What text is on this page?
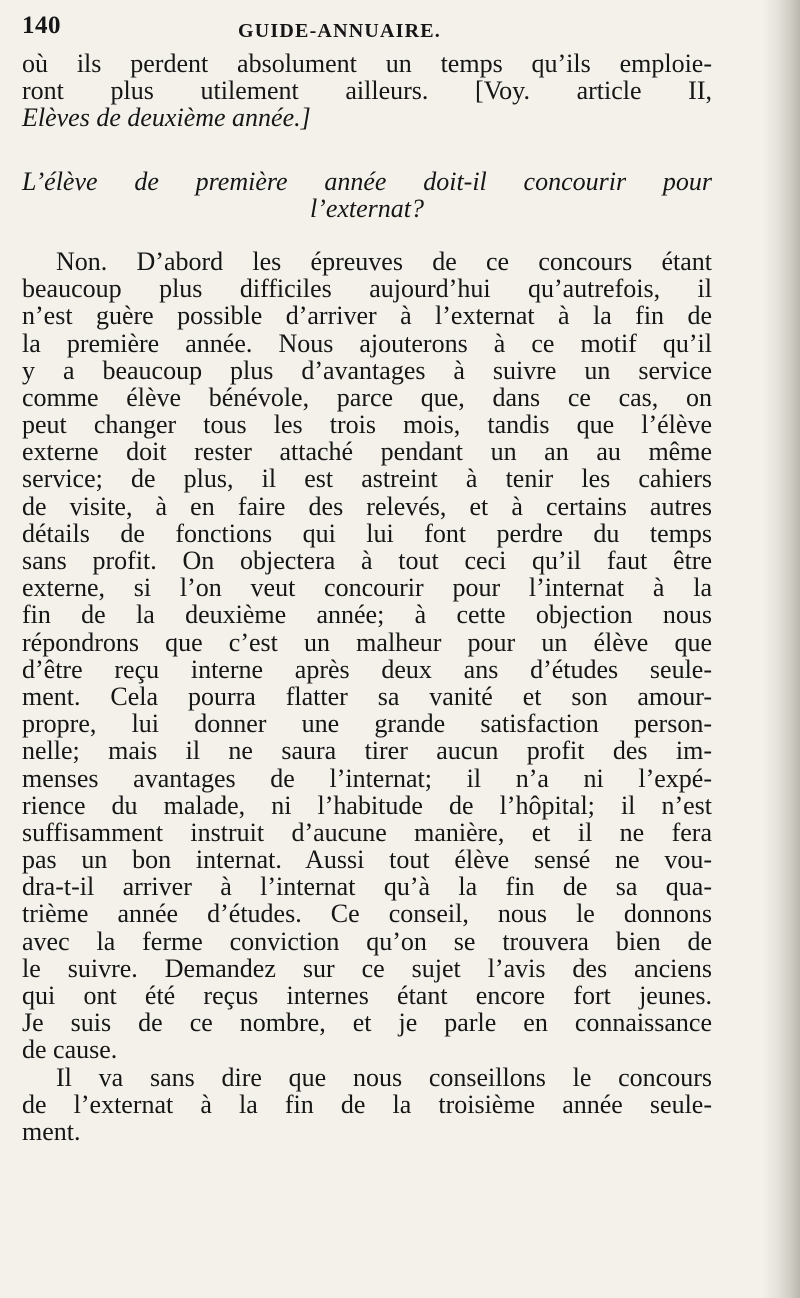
140	GUIDE-ANNUAIRE.
où ils perdent absolument un temps qu’ils emploie-
ront plus utilement ailleurs. [Voy. article II,
Elèves de deuxième année.]
L’élève de première année doit-il concourir pour
l’externat?
Non. D’abord les épreuves de ce concours étant
beaucoup plus difficiles aujourd’hui qu’autrefois, il
n’est guère possible d’arriver à l’externat à la fin de
la première année. Nous ajouterons à ce motif qu’il
y a beaucoup plus d’avantages à suivre un service
comme élève bénévole, parce que, dans ce cas, on
peut changer tous les trois mois, tandis que l’élève
externe doit rester attaché pendant un an au même
service; de plus, il est astreint à tenir les cahiers
de visite, à en faire des relevés, et à certains autres
détails de fonctions qui lui font perdre du temps
sans profit. On objectera à tout ceci qu’il faut être
externe, si l’on veut concourir pour l’internat à la
fin de la deuxième année; à cette objection nous
répondrons que c’est un malheur pour un élève que
d’être reçu interne après deux ans d’études seule-
ment. Cela pourra flatter sa vanité et son amour-
propre, lui donner une grande satisfaction person-
nelle; mais il ne saura tirer aucun profit des im-
menses avantages de l’internat; il n’a ni l’expé-
rience du malade, ni l’habitude de l’hôpital; il n’est
suffisamment instruit d’aucune manière, et il ne fera
pas un bon internat. Aussi tout élève sensé ne vou-
dra-t-il arriver à l’internat qu’à la fin de sa qua-
trième année d’études. Ce conseil, nous le donnons
avec la ferme conviction qu’on se trouvera bien de
le suivre. Demandez sur ce sujet l’avis des anciens
qui ont été reçus internes étant encore fort jeunes.
Je suis de ce nombre, et je parle en connaissance
de cause.
Il va sans dire que nous conseillons le concours
de l’externat à la fin de la troisième année seule-
ment.
